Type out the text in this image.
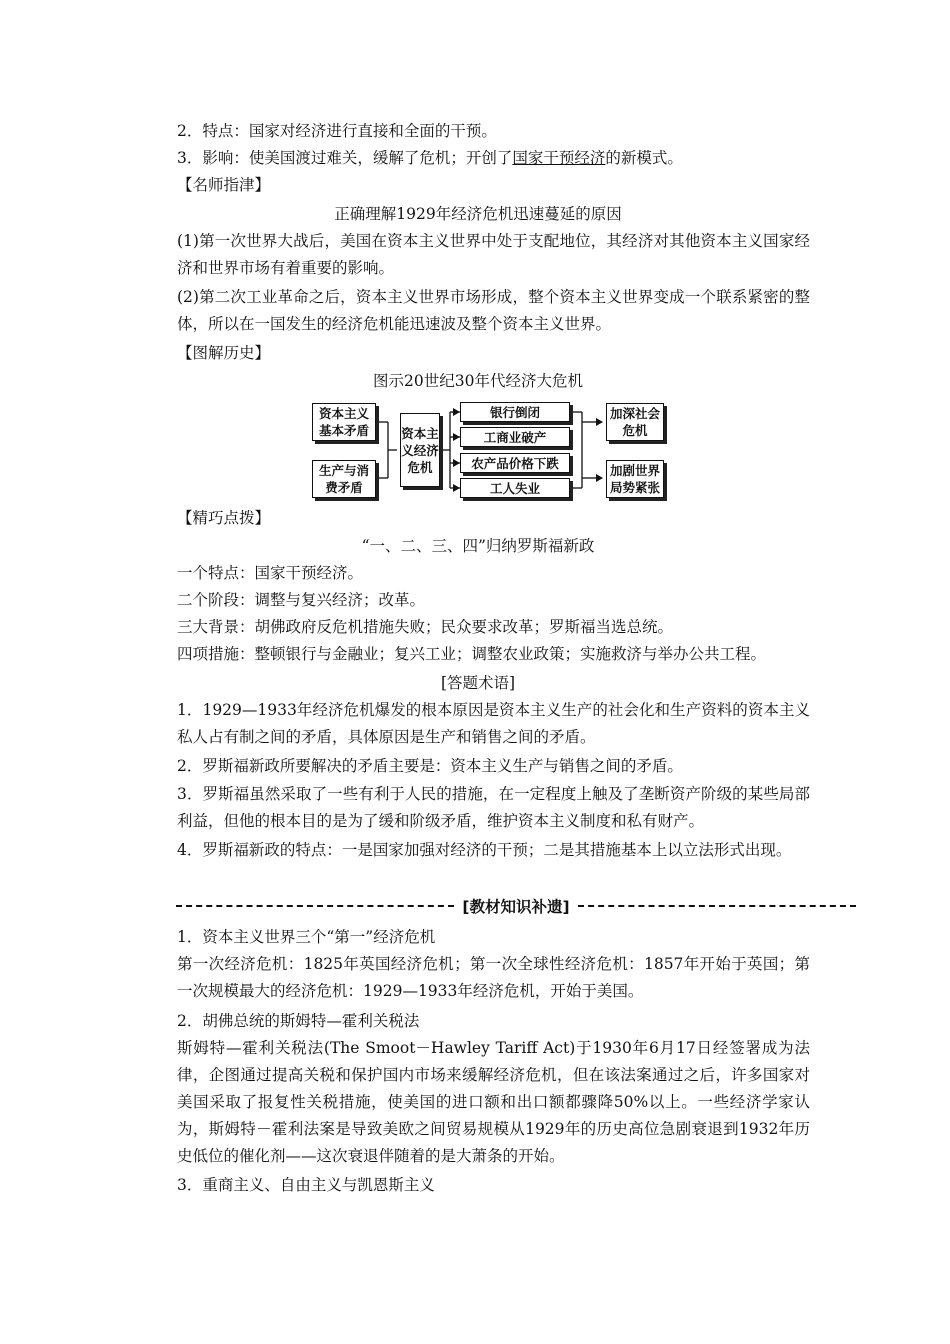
2．特点：国家对经济进行直接和全面的干预。
3．影响：使美国渡过难关，缓解了危机；开创了国家干预经济的新模式。
【名师指津】
正确理解1929年经济危机迅速蔓延的原因
(1)第一次世界大战后，美国在资本主义世界中处于支配地位，其经济对其他资本主义国家经济和世界市场有着重要的影响。
(2)第二次工业革命之后，资本主义世界市场形成，整个资本主义世界变成一个联系紧密的整体，所以在一国发生的经济危机能迅速波及整个资本主义世界。
【图解历史】
图示20世纪30年代经济大危机
资本主义基本矛盾
生产与消费矛盾
资本主义经济危机
银行倒闭
工商业破产
农产品价格下跌
工人失业
加深社会危机
加剧世界局势紧张
【精巧点拨】
“一、二、三、四”归纳罗斯福新政
一个特点：国家干预经济。
二个阶段：调整与复兴经济；改革。
三大背景：胡佛政府反危机措施失败；民众要求改革；罗斯福当选总统。
四项措施：整顿银行与金融业；复兴工业；调整农业政策；实施救济与举办公共工程。
[答题术语]
1．1929—1933年经济危机爆发的根本原因是资本主义生产的社会化和生产资料的资本主义私人占有制之间的矛盾，具体原因是生产和销售之间的矛盾。
2．罗斯福新政所要解决的矛盾主要是：资本主义生产与销售之间的矛盾。
3．罗斯福虽然采取了一些有利于人民的措施，在一定程度上触及了垄断资产阶级的某些局部利益，但他的根本目的是为了缓和阶级矛盾，维护资本主义制度和私有财产。
4．罗斯福新政的特点：一是国家加强对经济的干预；二是其措施基本上以立法形式出现。
[教材知识补遗]
1．资本主义世界三个“第一”经济危机
第一次经济危机：1825年英国经济危机；第一次全球性经济危机：1857年开始于英国；第一次规模最大的经济危机：1929—1933年经济危机，开始于美国。
2．胡佛总统的斯姆特—霍利关税法
斯姆特—霍利关税法(The Smoot－Hawley Tariff Act)于1930年6月17日经签署成为法律，企图通过提高关税和保护国内市场来缓解经济危机，但在该法案通过之后，许多国家对美国采取了报复性关税措施，使美国的进口额和出口额都骤降50%以上。一些经济学家认为，斯姆特－霍利法案是导致美欧之间贸易规模从1929年的历史高位急剧衰退到1932年历史低位的催化剂——这次衰退伴随着的是大萧条的开始。
3．重商主义、自由主义与凯恩斯主义
